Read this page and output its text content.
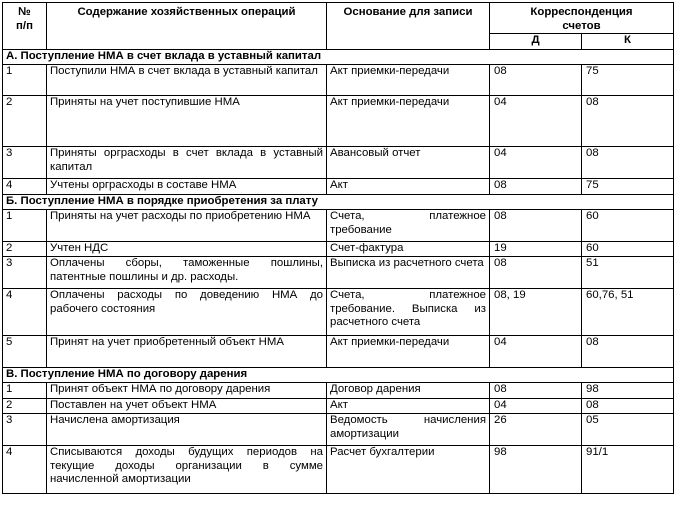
№ п/п	Содержание хозяйственных операций	Основание для записи	Корреспонденция счетов	
			Д	К
А. Поступление НМА в счет вклада в уставный капитал				
1	Поступили НМА в счет вклада в уставный капитал	Акт приемки-передачи	08	75
2	Приняты на учет поступившие НМА	Акт приемки-передачи	04	08
3	Приняты орграсходы в счет вклада в уставный капитал	Авансовый отчет	04	08
4	Учтены орграсходы в составе НМА	Акт	08	75
Б. Поступление НМА в порядке приобретения за плату				
1	Приняты на учет расходы по приобретению НМА	Счета, платежное требование	08	60
2	Учтен НДС	Счет-фактура	19	60
3	Оплачены сборы, таможенные пошлины, патентные пошлины и др. расходы.	Выписка из расчетного счета	08	51
4	Оплачены расходы по доведению НМА до рабочего состояния	Счета, платежное требование. Выписка из расчетного счета	08, 19	60,76, 51
5	Принят на учет приобретенный объект НМА	Акт приемки-передачи	04	08
В. Поступление НМА по договору дарения				
1	Принят объект НМА по договору дарения	Договор дарения	08	98
2	Поставлен на учет объект НМА	Акт	04	08
3	Начислена амортизация	Ведомость начисления амортизации	26	05
4	Списываются доходы будущих периодов на текущие доходы организации в сумме начисленной амортизации	Расчет бухгалтерии	98	91/1
